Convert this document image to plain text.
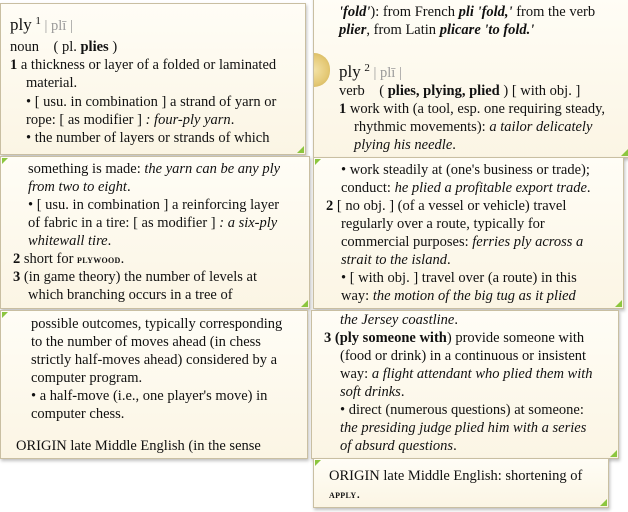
ply $^1$ | plī |
noun ( pl. plies )
1 a thickness or layer of a folded or laminated
material.
• [ usu. in combination ] a strand of yarn or
rope: [ as modifier ] : four-ply yarn.
• the number of layers or strands of which
something is made: the yarn can be any ply
from two to eight.
• [ usu. in combination ] a reinforcing layer
of fabric in a tire: [ as modifier ] : a six-ply
whitewall tire.
2 short for plywood.
3 (in game theory) the number of levels at
which branching occurs in a tree of
possible outcomes, typically corresponding
to the number of moves ahead (in chess
strictly half-moves ahead) considered by a
computer program.
• a half-move (i.e., one player's move) in
computer chess.
ORIGIN late Middle English (in the sense
'fold'): from French pli 'fold,' from the verb
plier, from Latin plicare 'to fold.'
ply $^2$ | plī |
verb ( plies, plying, plied ) [ with obj. ]
1 work with (a tool, esp. one requiring steady,
rhythmic movements): a tailor delicately
plying his needle.
• work steadily at (one's business or trade);
conduct: he plied a profitable export trade.
2 [ no obj. ] (of a vessel or vehicle) travel
regularly over a route, typically for
commercial purposes: ferries ply across a
strait to the island.
• [ with obj. ] travel over (a route) in this
way: the motion of the big tug as it plied
the Jersey coastline.
3 (ply someone with) provide someone with
(food or drink) in a continuous or insistent
way: a flight attendant who plied them with
soft drinks.
• direct (numerous questions) at someone:
the presiding judge plied him with a series
of absurd questions.
ORIGIN late Middle English: shortening of
apply.
